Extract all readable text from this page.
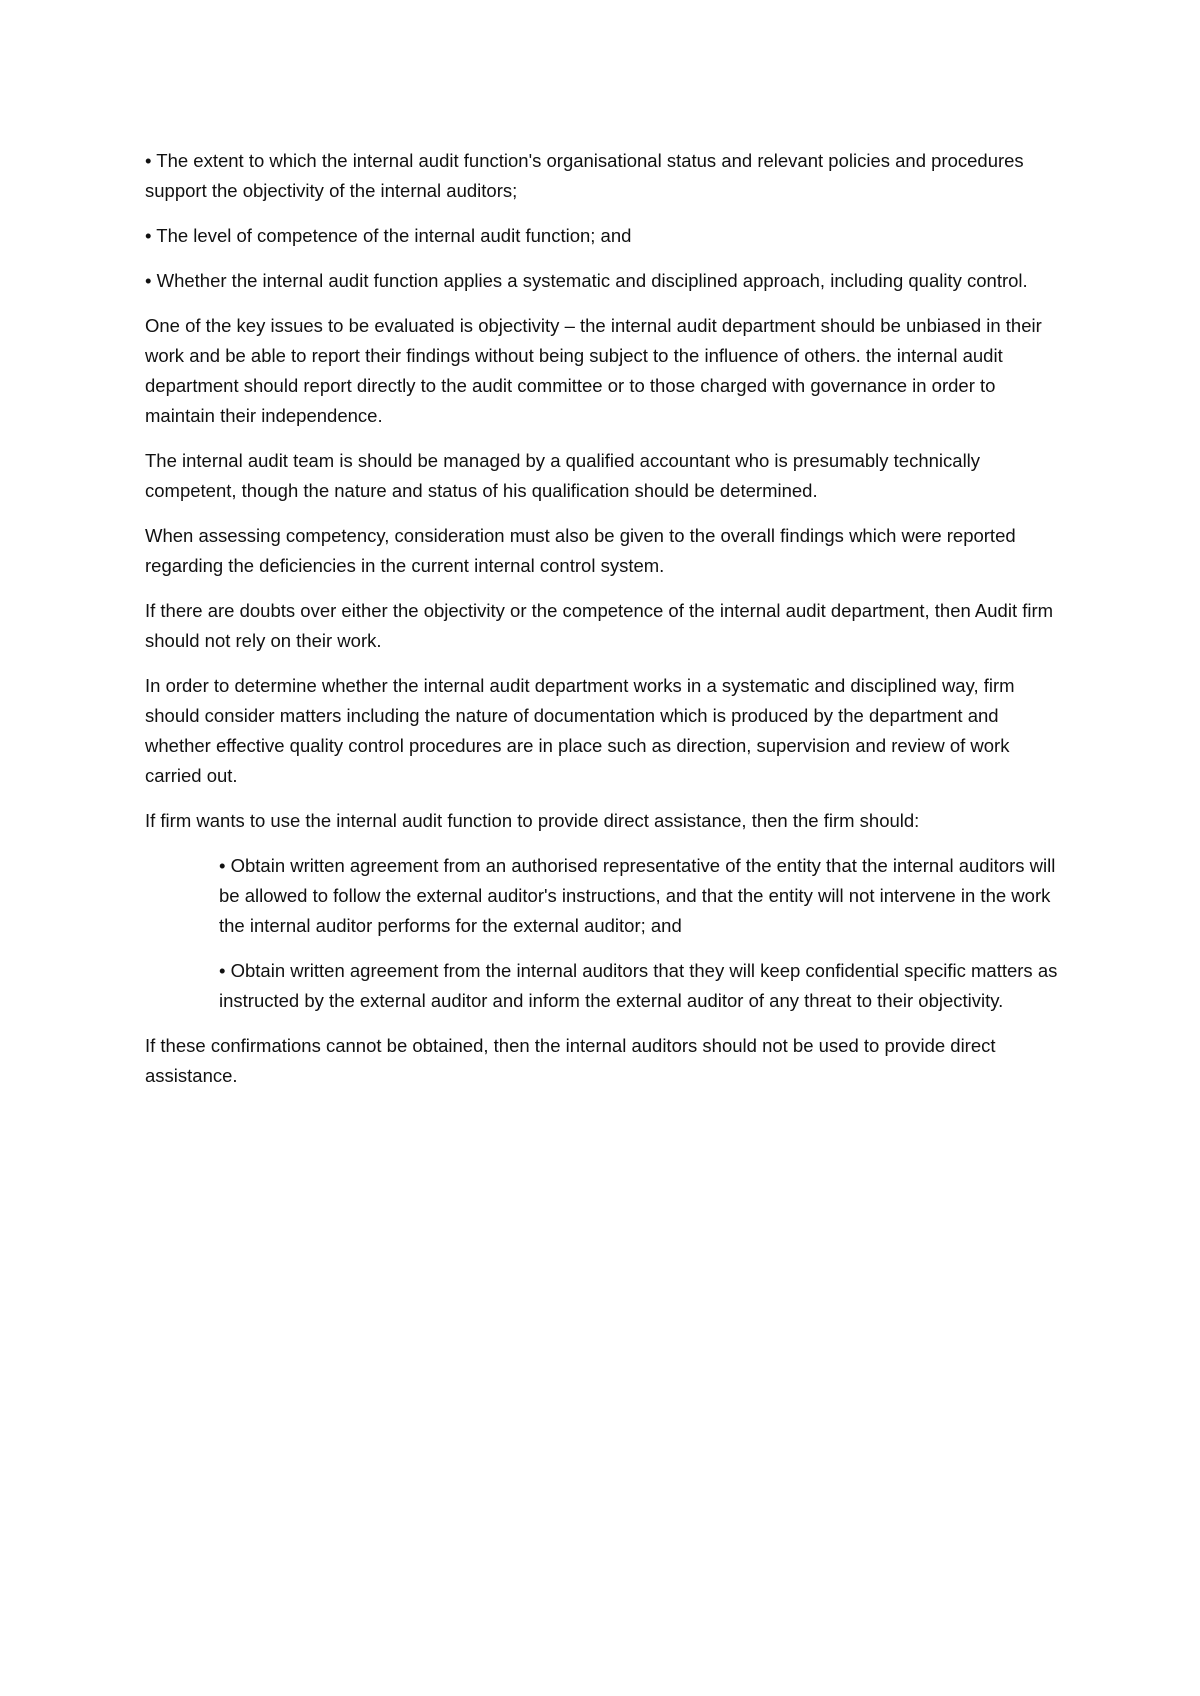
• The extent to which the internal audit function's organisational status and relevant policies and procedures support the objectivity of the internal auditors;

• The level of competence of the internal audit function; and

• Whether the internal audit function applies a systematic and disciplined approach, including quality control.

One of the key issues to be evaluated is objectivity – the internal audit department should be unbiased in their work and be able to report their findings without being subject to the influence of others. the internal audit department should report directly to the audit committee or to those charged with governance in order to maintain their independence.

The internal audit team is should be managed by a qualified accountant who is presumably technically competent, though the nature and status of his qualification should be determined.

When assessing competency, consideration must also be given to the overall findings which were reported regarding the deficiencies in the current internal control system.

If there are doubts over either the objectivity or the competence of the internal audit department, then Audit firm should not rely on their work.

In order to determine whether the internal audit department works in a systematic and disciplined way, firm should consider matters including the nature of documentation which is produced by the department and whether effective quality control procedures are in place such as direction, supervision and review of work carried out.

If firm wants to use the internal audit function to provide direct assistance, then the firm should:

• Obtain written agreement from an authorised representative of the entity that the internal auditors will be allowed to follow the external auditor's instructions, and that the entity will not intervene in the work the internal auditor performs for the external auditor; and

• Obtain written agreement from the internal auditors that they will keep confidential specific matters as instructed by the external auditor and inform the external auditor of any threat to their objectivity.

If these confirmations cannot be obtained, then the internal auditors should not be used to provide direct assistance.
